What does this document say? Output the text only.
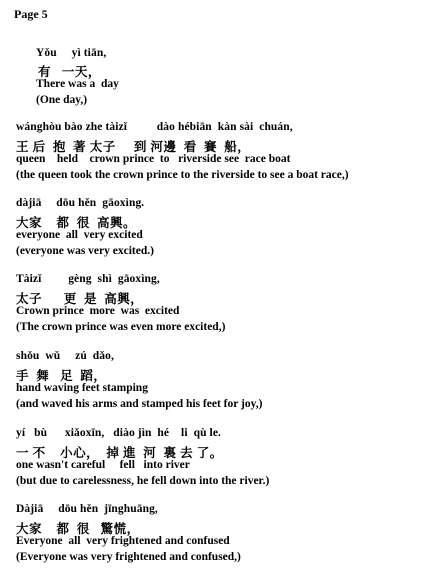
Page 5
Yǒu     yì tiān,
有   一天，
There was a  day
(One day,)
wánghòu bào zhe tàizǐ          dào hébiān  kàn sài  chuán,
王 后  抱  著 太子     到 河邊  看  賽  船，
queen    held    crown prince  to   riverside see  race boat
(the queen took the crown prince to the riverside to see a boat race,)
dàjiā     dōu hěn  gāoxìng.
大家    都  很  高興。
everyone  all  very excited
(everyone was very excited.)
Tàizǐ         gèng  shì  gāoxìng,
太子      更  是  高興，
Crown prince  more  was  excited
(The crown prince was even more excited,)
shǒu  wǔ     zú  dǎo,
手  舞   足  蹈，
hand waving feet stamping
(and waved his arms and stamped his feet for joy,)
yí   bù      xiǎoxīn,   diào jìn  hé    li  qù le.
一 不    小心，  掉 進  河  裏 去 了。
one wasn't careful     fell   into river
(but due to carelessness, he fell down into the river.)
Dàjiā     dōu hěn  jīnghuāng,
大家    都  很   驚慌，
Everyone  all  very frightened and confused
(Everyone was very frightened and confused,)
